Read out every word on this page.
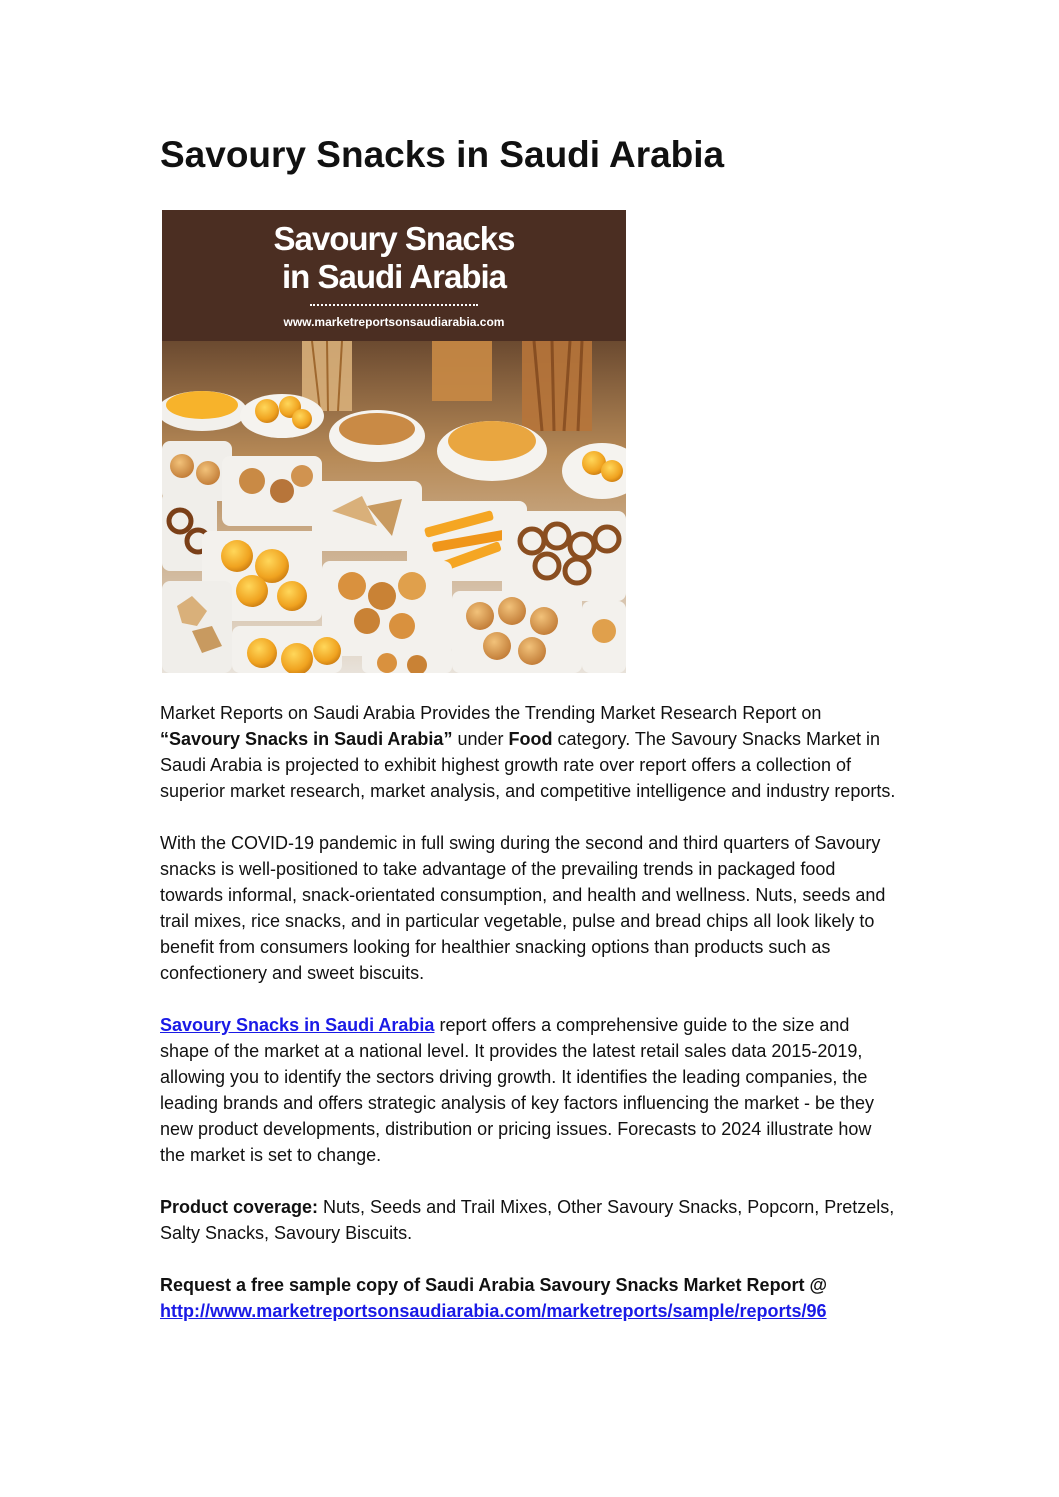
Savoury Snacks in Saudi Arabia
Savoury Snacks
in Saudi Arabia
www.marketreportsonsaudiarabia.com

Market Reports on Saudi Arabia Provides the Trending Market Research Report on “Savoury Snacks in Saudi Arabia” under Food category. The Savoury Snacks Market in Saudi Arabia is projected to exhibit highest growth rate over report offers a collection of superior market research, market analysis, and competitive intelligence and industry reports.

With the COVID-19 pandemic in full swing during the second and third quarters of Savoury snacks is well-positioned to take advantage of the prevailing trends in packaged food towards informal, snack-orientated consumption, and health and wellness. Nuts, seeds and trail mixes, rice snacks, and in particular vegetable, pulse and bread chips all look likely to benefit from consumers looking for healthier snacking options than products such as confectionery and sweet biscuits.

Savoury Snacks in Saudi Arabia report offers a comprehensive guide to the size and shape of the market at a national level. It provides the latest retail sales data 2015-2019, allowing you to identify the sectors driving growth. It identifies the leading companies, the leading brands and offers strategic analysis of key factors influencing the market - be they new product developments, distribution or pricing issues. Forecasts to 2024 illustrate how the market is set to change.

Product coverage: Nuts, Seeds and Trail Mixes, Other Savoury Snacks, Popcorn, Pretzels, Salty Snacks, Savoury Biscuits.

Request a free sample copy of Saudi Arabia Savoury Snacks Market Report @
http://www.marketreportsonsaudiarabia.com/marketreports/sample/reports/96
